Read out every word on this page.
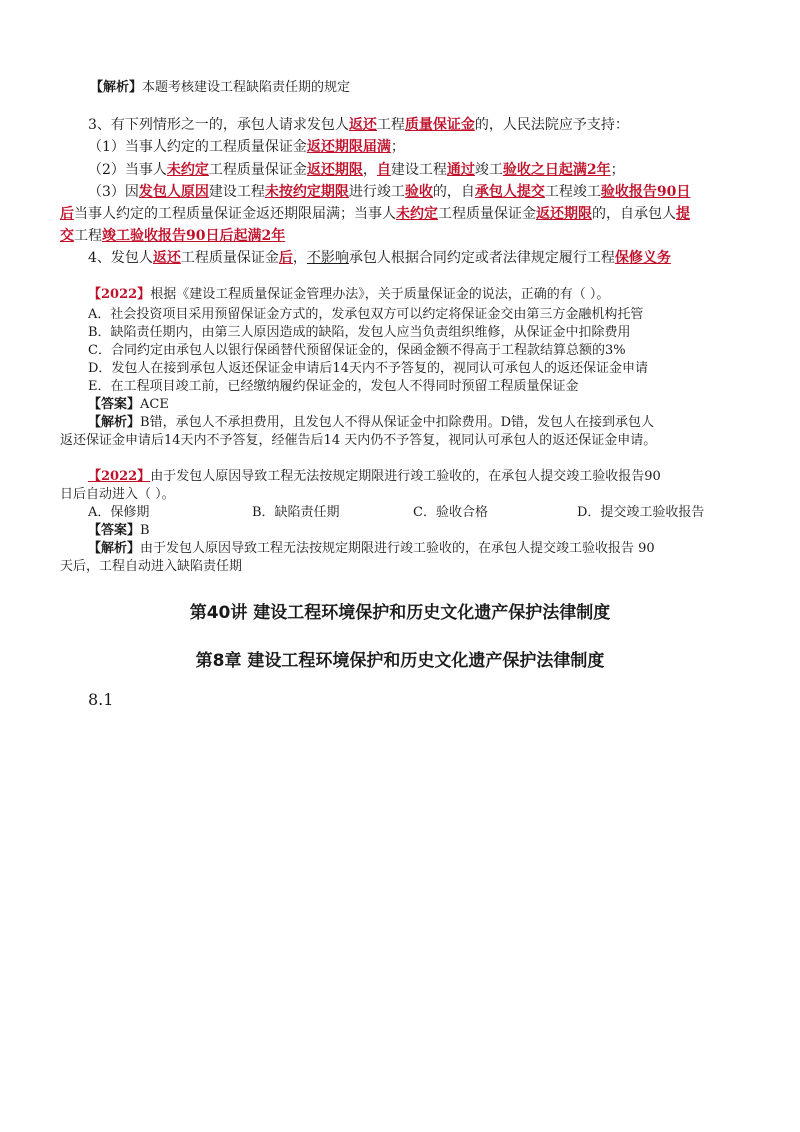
【解析】本题考核建设工程缺陷责任期的规定
3、有下列情形之一的，承包人请求发包人返还工程质量保证金的，人民法院应予支持：
（1）当事人约定的工程质量保证金返还期限届满；
（2）当事人未约定工程质量保证金返还期限，自建设工程通过竣工验收之日起满2年；
（3）因发包人原因建设工程未按约定期限进行竣工验收的，自承包人提交工程竣工验收报告90日
后当事人约定的工程质量保证金返还期限届满；当事人未约定工程质量保证金返还期限的，自承包人提
交工程竣工验收报告90日后起满2年
4、发包人返还工程质量保证金后，不影响承包人根据合同约定或者法律规定履行工程保修义务
【2022】根据《建设工程质量保证金管理办法》，关于质量保证金的说法，正确的有（ ）。
A．社会投资项目采用预留保证金方式的，发承包双方可以约定将保证金交由第三方金融机构托管
B．缺陷责任期内，由第三人原因造成的缺陷，发包人应当负责组织维修，从保证金中扣除费用
C．合同约定由承包人以银行保函替代预留保证金的，保函金额不得高于工程款结算总额的3%
D．发包人在接到承包人返还保证金申请后14天内不予答复的，视同认可承包人的返还保证金申请
E．在工程项目竣工前，已经缴纳履约保证金的，发包人不得同时预留工程质量保证金
【答案】ACE
【解析】B错，承包人不承担费用，且发包人不得从保证金中扣除费用。D错，发包人在接到承包人
返还保证金申请后14天内不予答复，经催告后14 天内仍不予答复，视同认可承包人的返还保证金申请。
【2022】由于发包人原因导致工程无法按规定期限进行竣工验收的，在承包人提交竣工验收报告90
日后自动进入（ ）。
A．保修期	B．缺陷责任期	C．验收合格	D．提交竣工验收报告
【答案】B
【解析】由于发包人原因导致工程无法按规定期限进行竣工验收的，在承包人提交竣工验收报告 90
天后，工程自动进入缺陷责任期
第40讲 建设工程环境保护和历史文化遗产保护法律制度
第8章 建设工程环境保护和历史文化遗产保护法律制度
8.1
